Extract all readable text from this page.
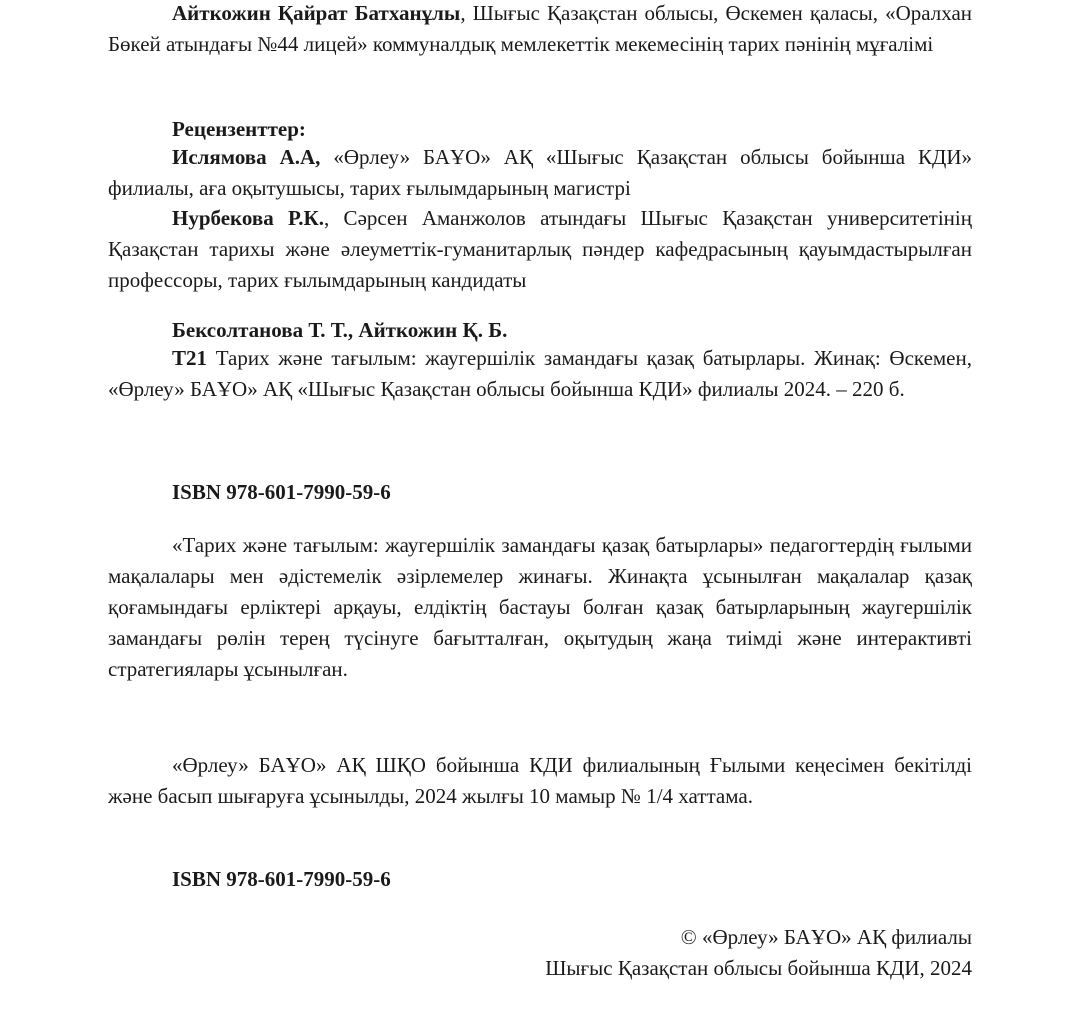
Айткожин Қайрат Батханұлы, Шығыс Қазақстан облысы, Өскемен қаласы, «Оралхан Бөкей атындағы №44 лицей» коммуналдық мемлекеттік мекемесінің тарих пәнінің мұғалімі
Рецензенттер:
Ислямова А.А, «Өрлеу» БАҰО» АҚ «Шығыс Қазақстан облысы бойынша КДИ» филиалы, аға оқытушысы, тарих ғылымдарының магистрі
Нурбекова Р.К., Сәрсен Аманжолов атындағы Шығыс Қазақстан университетінің Қазақстан тарихы және әлеуметтік-гуманитарлық пәндер кафедрасының қауымдастырылған профессоры, тарих ғылымдарының кандидаты
Бексолтанова Т. Т., Айткожин Қ. Б.
Т21 Тарих және тағылым: жаугершілік замандағы қазақ батырлары. Жинақ: Өскемен, «Өрлеу» БАҰО» АҚ «Шығыс Қазақстан облысы бойынша КДИ» филиалы 2024. – 220 б.
ISBN 978-601-7990-59-6
«Тарих және тағылым: жаугершілік замандағы қазақ батырлары» педагогтердің ғылыми мақалалары мен әдістемелік әзірлемелер жинағы. Жинақта ұсынылған мақалалар қазақ қоғамындағы ерліктері арқауы, елдіктің бастауы болған қазақ батырларының жаугершілік замандағы рөлін терең түсінуге бағытталған, оқытудың жаңа тиімді және интерактивті стратегиялары ұсынылған.
«Өрлеу» БАҰО» АҚ ШҚО бойынша КДИ филиалының Ғылыми кеңесімен бекітілді және басып шығаруға ұсынылды, 2024 жылғы 10 мамыр № 1/4 хаттама.
ISBN 978-601-7990-59-6
© «Өрлеу» БАҰО» АҚ филиалы
Шығыс Қазақстан облысы бойынша КДИ, 2024
